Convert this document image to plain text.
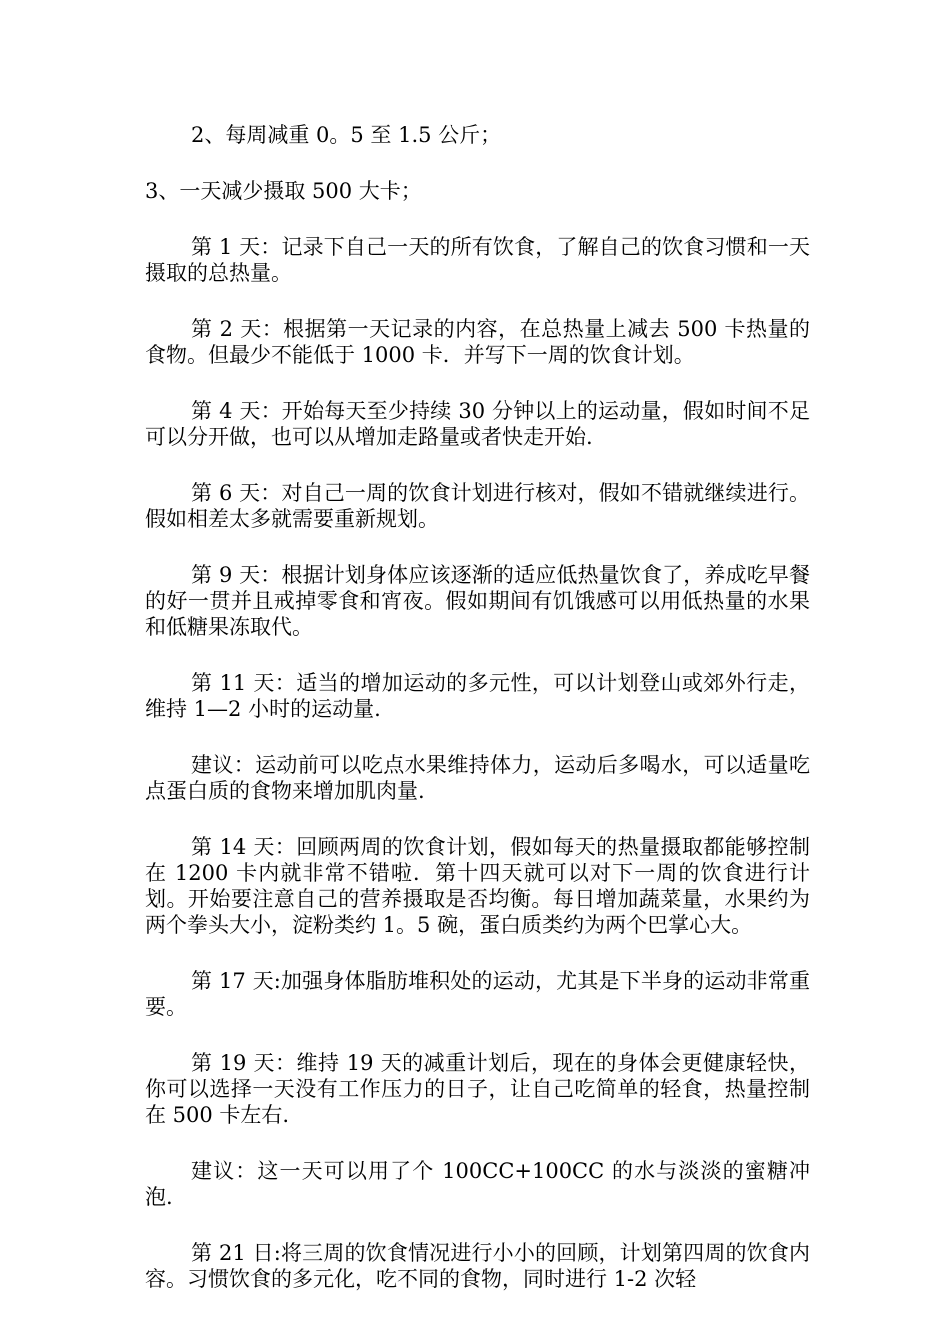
2、每周减重 0。5 至 1.5 公斤；

3、一天减少摄取 500 大卡；

第 1 天：记录下自己一天的所有饮食，了解自己的饮食习惯和一天摄取的总热量。

第 2 天：根据第一天记录的内容，在总热量上减去 500 卡热量的食物。但最少不能低于 1000 卡．并写下一周的饮食计划。

第 4 天：开始每天至少持续 30 分钟以上的运动量，假如时间不足可以分开做，也可以从增加走路量或者快走开始.

第 6 天：对自己一周的饮食计划进行核对，假如不错就继续进行。假如相差太多就需要重新规划。

第 9 天：根据计划身体应该逐渐的适应低热量饮食了，养成吃早餐的好一贯并且戒掉零食和宵夜。假如期间有饥饿感可以用低热量的水果和低糖果冻取代。

第 11 天：适当的增加运动的多元性，可以计划登山或郊外行走，维持 1—2 小时的运动量.

建议：运动前可以吃点水果维持体力，运动后多喝水，可以适量吃点蛋白质的食物来增加肌肉量.

第 14 天：回顾两周的饮食计划，假如每天的热量摄取都能够控制在 1200 卡内就非常不错啦．第十四天就可以对下一周的饮食进行计划。开始要注意自己的营养摄取是否均衡。每日增加蔬菜量，水果约为两个拳头大小，淀粉类约 1。5 碗，蛋白质类约为两个巴掌心大。

第 17 天:加强身体脂肪堆积处的运动，尤其是下半身的运动非常重要。

第 19 天：维持 19 天的减重计划后，现在的身体会更健康轻快，你可以选择一天没有工作压力的日子，让自己吃简单的轻食，热量控制在 500 卡左右.

建议：这一天可以用了个 100CC+100CC 的水与淡淡的蜜糖冲泡.

第 21 日:将三周的饮食情况进行小小的回顾，计划第四周的饮食内容。习惯饮食的多元化，吃不同的食物，同时进行 1-2 次轻
